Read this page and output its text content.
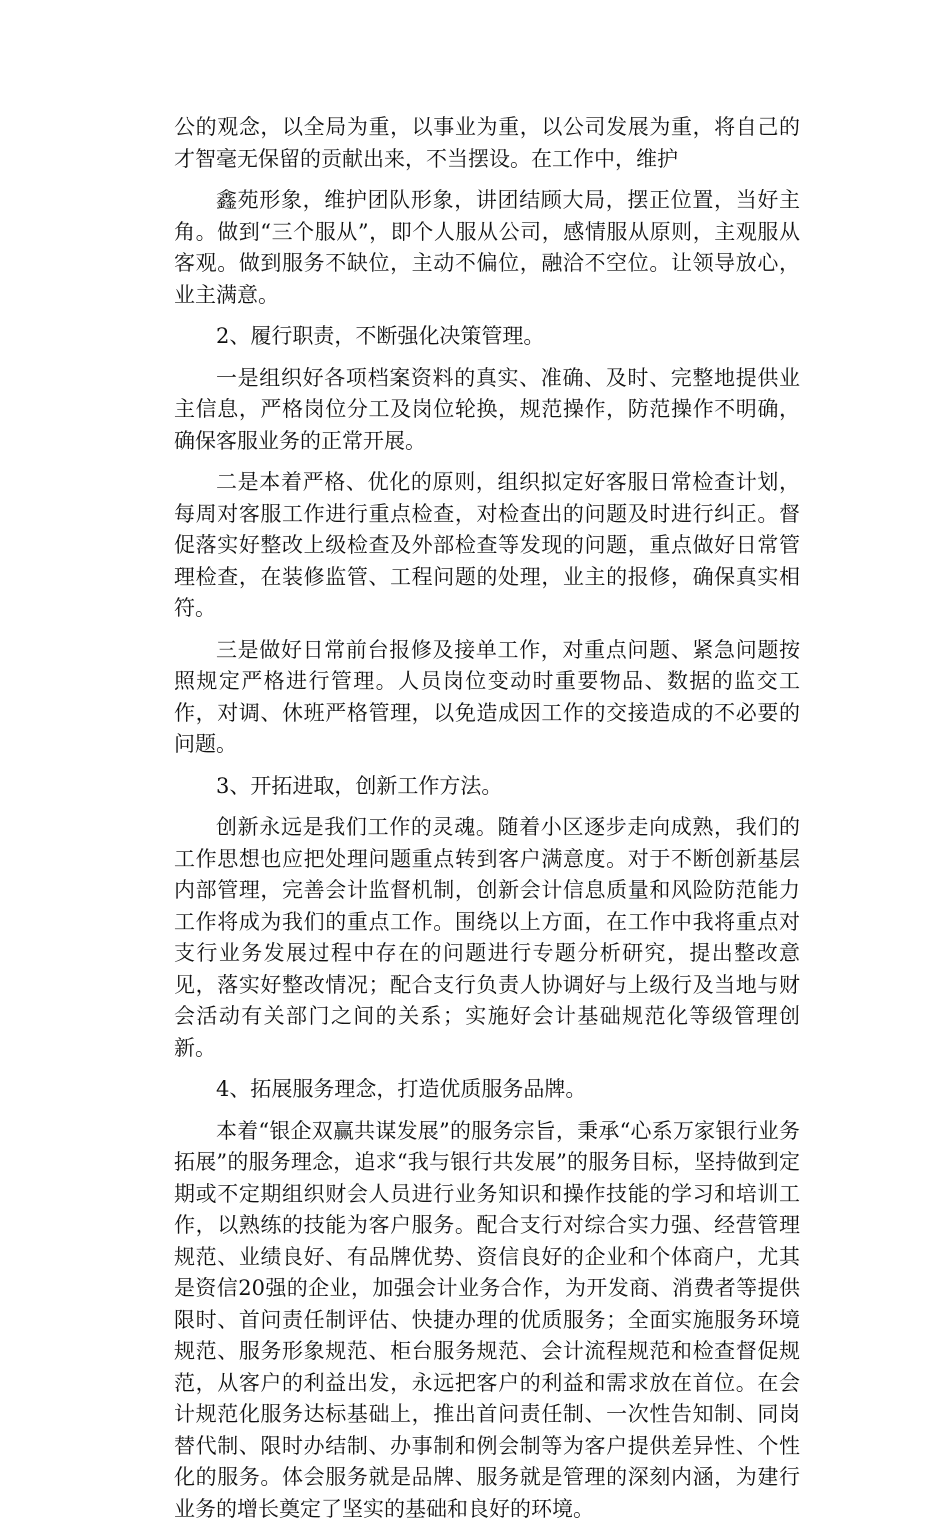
公的观念，以全局为重，以事业为重，以公司发展为重，将自己的才智毫无保留的贡献出来，不当摆设。在工作中，维护

鑫苑形象，维护团队形象，讲团结顾大局，摆正位置，当好主角。做到“三个服从”，即个人服从公司，感情服从原则，主观服从客观。做到服务不缺位，主动不偏位，融洽不空位。让领导放心，业主满意。

2、履行职责，不断强化决策管理。

一是组织好各项档案资料的真实、准确、及时、完整地提供业主信息，严格岗位分工及岗位轮换，规范操作，防范操作不明确，确保客服业务的正常开展。

二是本着严格、优化的原则，组织拟定好客服日常检查计划，每周对客服工作进行重点检查，对检查出的问题及时进行纠正。督促落实好整改上级检查及外部检查等发现的问题，重点做好日常管理检查，在装修监管、工程问题的处理，业主的报修，确保真实相符。

三是做好日常前台报修及接单工作，对重点问题、紧急问题按照规定严格进行管理。人员岗位变动时重要物品、数据的监交工作，对调、休班严格管理，以免造成因工作的交接造成的不必要的问题。

3、开拓进取，创新工作方法。

创新永远是我们工作的灵魂。随着小区逐步走向成熟，我们的工作思想也应把处理问题重点转到客户满意度。对于不断创新基层内部管理，完善会计监督机制，创新会计信息质量和风险防范能力工作将成为我们的重点工作。围绕以上方面，在工作中我将重点对支行业务发展过程中存在的问题进行专题分析研究，提出整改意见，落实好整改情况；配合支行负责人协调好与上级行及当地与财会活动有关部门之间的关系；实施好会计基础规范化等级管理创新。

4、拓展服务理念，打造优质服务品牌。

本着“银企双赢共谋发展”的服务宗旨，秉承“心系万家银行业务拓展”的服务理念，追求“我与银行共发展”的服务目标，坚持做到定期或不定期组织财会人员进行业务知识和操作技能的学习和培训工作，以熟练的技能为客户服务。配合支行对综合实力强、经营管理规范、业绩良好、有品牌优势、资信良好的企业和个体商户，尤其是资信20强的企业，加强会计业务合作，为开发商、消费者等提供限时、首问责任制评估、快捷办理的优质服务；全面实施服务环境规范、服务形象规范、柜台服务规范、会计流程规范和检查督促规范，从客户的利益出发，永远把客户的利益和需求放在首位。在会计规范化服务达标基础上，推出首问责任制、一次性告知制、同岗替代制、限时办结制、办事制和例会制等为客户提供差异性、个性化的服务。体会服务就是品牌、服务就是管理的深刻内涵，为建行业务的增长奠定了坚实的基础和良好的环境。
